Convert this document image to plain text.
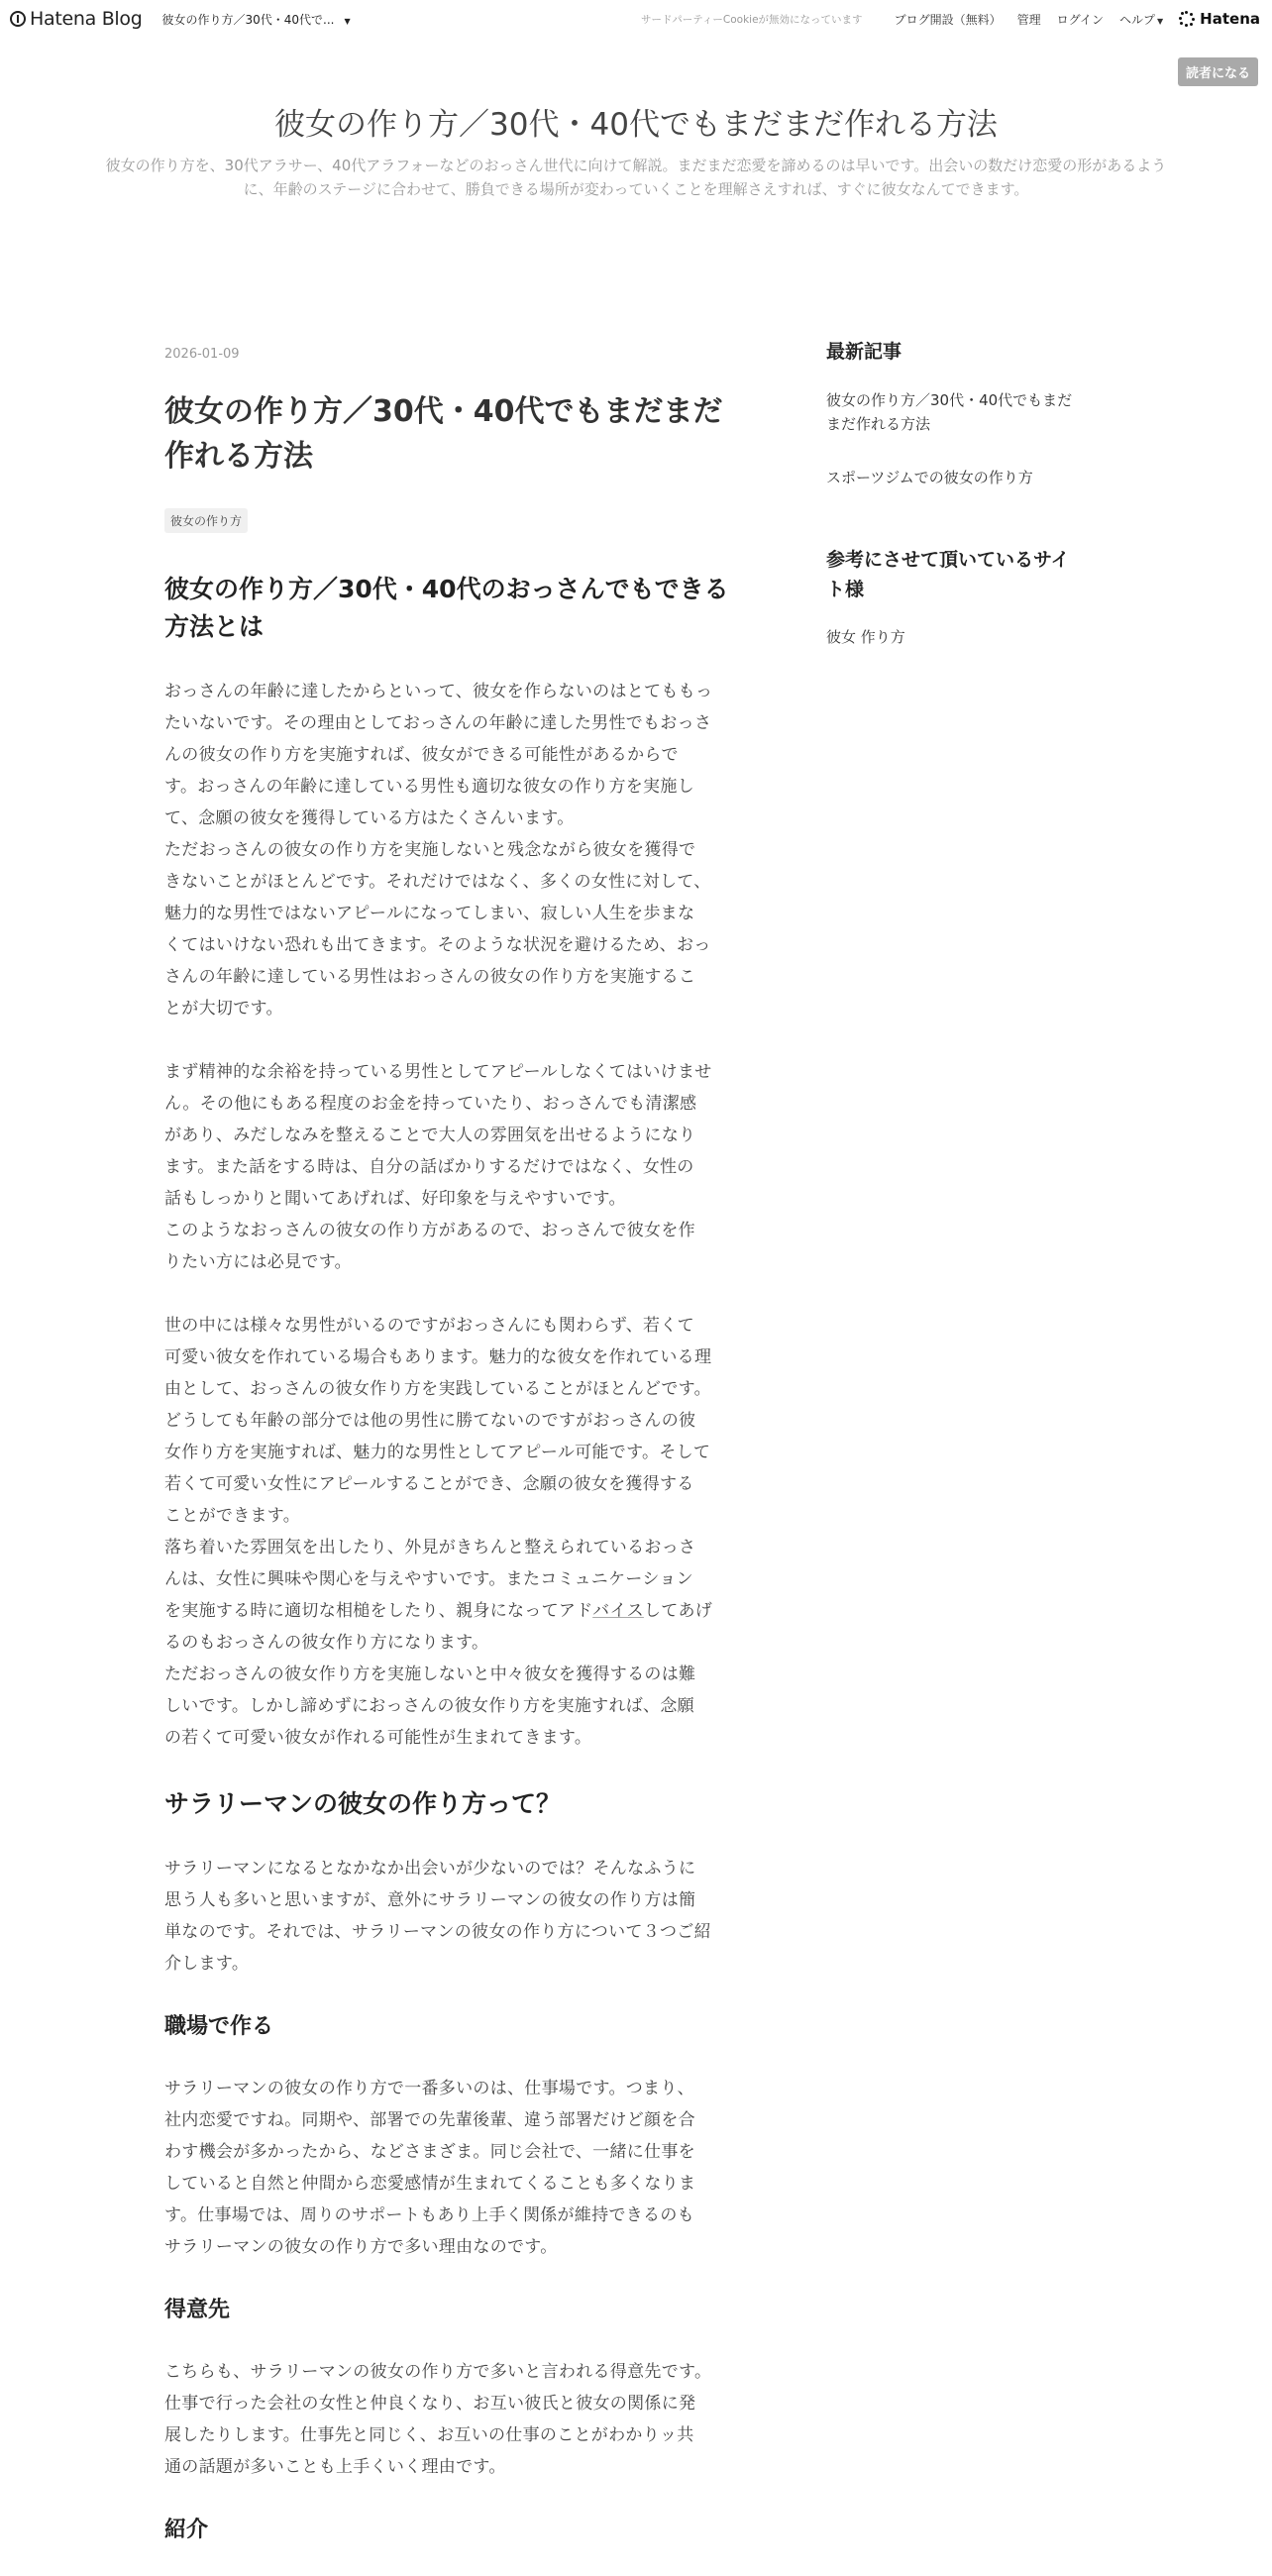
Hatena Blog 彼女の作り方／30代・40代で... ▼	サードパーティーCookieが無効になっています	ブログ開設（無料） 管理 ログイン ヘルプ ▼ Hatena
読者になる
彼女の作り方／30代・40代でもまだまだ作れる方法
彼女の作り方を、30代アラサー、40代アラフォーなどのおっさん世代に向けて解説。まだまだ恋愛を諦めるのは早いです。出会いの数だけ恋愛の形があるよう
に、年齢のステージに合わせて、勝負できる場所が変わっていくことを理解さえすれば、すぐに彼女なんてできます。
2026-01-09
彼女の作り方／30代・40代でもまだまだ
作れる方法
彼女の作り方
彼女の作り方／30代・40代のおっさんでもできる
方法とは

おっさんの年齢に達したからといって、彼女を作らないのはとてももっ
たいないです。その理由としておっさんの年齢に達した男性でもおっさ
んの彼女の作り方を実施すれば、彼女ができる可能性があるからで
す。おっさんの年齢に達している男性も適切な彼女の作り方を実施し
て、念願の彼女を獲得している方はたくさんいます。
ただおっさんの彼女の作り方を実施しないと残念ながら彼女を獲得で
きないことがほとんどです。それだけではなく、多くの女性に対して、
魅力的な男性ではないアピールになってしまい、寂しい人生を歩まな
くてはいけない恐れも出てきます。そのような状況を避けるため、おっ
さんの年齢に達している男性はおっさんの彼女の作り方を実施するこ
とが大切です。

まず精神的な余裕を持っている男性としてアピールしなくてはいけませ
ん。その他にもある程度のお金を持っていたり、おっさんでも清潔感
があり、みだしなみを整えることで大人の雰囲気を出せるようになり
ます。また話をする時は、自分の話ばかりするだけではなく、女性の
話もしっかりと聞いてあげれば、好印象を与えやすいです。
このようなおっさんの彼女の作り方があるので、おっさんで彼女を作
りたい方には必見です。

世の中には様々な男性がいるのですがおっさんにも関わらず、若くて
可愛い彼女を作れている場合もあります。魅力的な彼女を作れている理
由として、おっさんの彼女作り方を実践していることがほとんどです。
どうしても年齢の部分では他の男性に勝てないのですがおっさんの彼
女作り方を実施すれば、魅力的な男性としてアピール可能です。そして
若くて可愛い女性にアピールすることができ、念願の彼女を獲得する
ことができます。
落ち着いた雰囲気を出したり、外見がきちんと整えられているおっさ
んは、女性に興味や関心を与えやすいです。またコミュニケーション
を実施する時に適切な相槌をしたり、親身になってアドバイスしてあげ
るのもおっさんの彼女作り方になります。
ただおっさんの彼女作り方を実施しないと中々彼女を獲得するのは難
しいです。しかし諦めずにおっさんの彼女作り方を実施すれば、念願
の若くて可愛い彼女が作れる可能性が生まれてきます。

サラリーマンの彼女の作り方って？

サラリーマンになるとなかなか出会いが少ないのでは？そんなふうに
思う人も多いと思いますが、意外にサラリーマンの彼女の作り方は簡
単なのです。それでは、サラリーマンの彼女の作り方について３つご紹
介します。

職場で作る

サラリーマンの彼女の作り方で一番多いのは、仕事場です。つまり、
社内恋愛ですね。同期や、部署での先輩後輩、違う部署だけど顔を合
わす機会が多かったから、などさまざま。同じ会社で、一緒に仕事を
していると自然と仲間から恋愛感情が生まれてくることも多くなりま
す。仕事場では、周りのサポートもあり上手く関係が維持できるのも
サラリーマンの彼女の作り方で多い理由なのです。

得意先

こちらも、サラリーマンの彼女の作り方で多いと言われる得意先です。
仕事で行った会社の女性と仲良くなり、お互い彼氏と彼女の関係に発
展したりします。仕事先と同じく、お互いの仕事のことがわかりッ共
通の話題が多いことも上手くいく理由です。

紹介
最新記事
彼女の作り方／30代・40代でもまだ
まだ作れる方法
スポーツジムでの彼女の作り方
参考にさせて頂いているサイ
ト様
彼女 作り方
